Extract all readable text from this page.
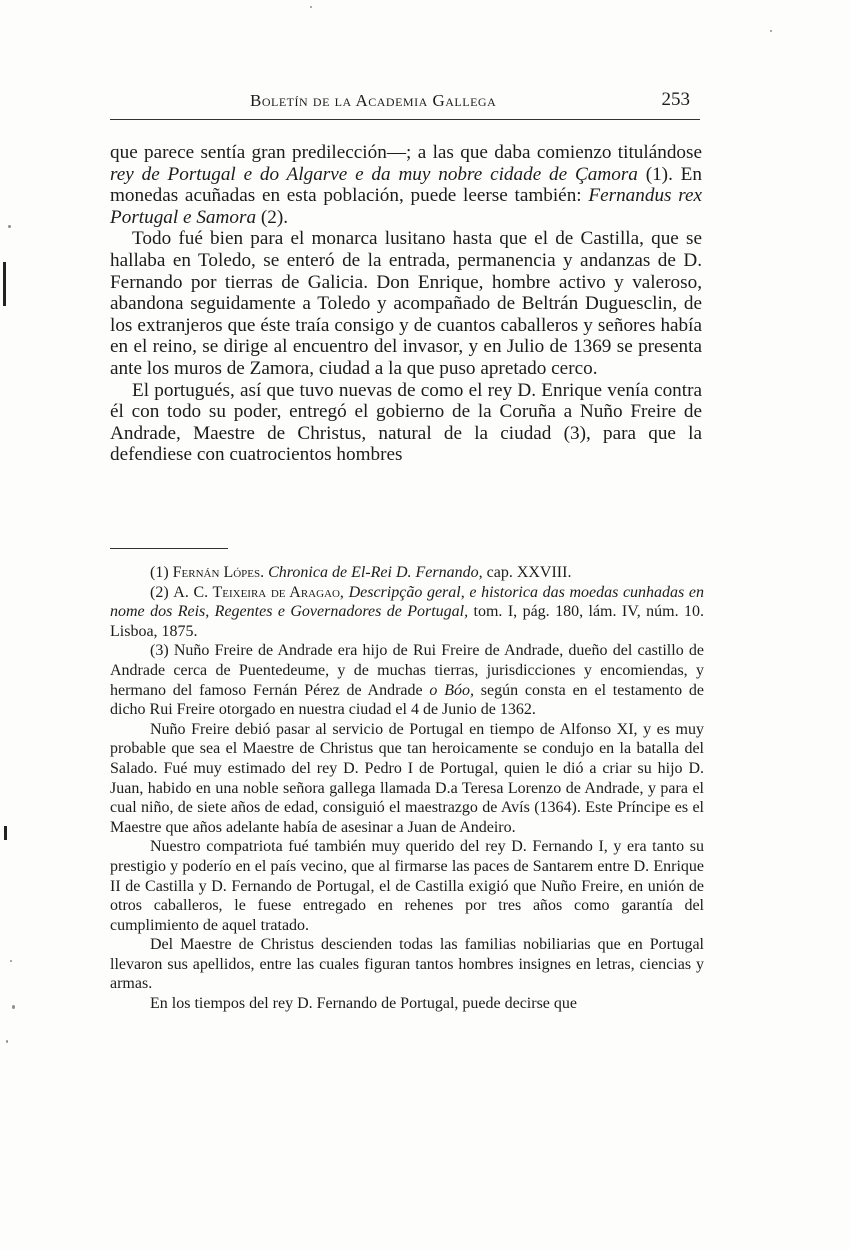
Boletín de la Academia Gallega	253

que parece sentía gran predilección—; a las que daba comienzo titulándose rey de Portugal e do Algarve e da muy nobre cidade de Çamora (1). En monedas acuñadas en esta población, puede leerse también: Fernandus rex Portugal e Samora (2).

Todo fué bien para el monarca lusitano hasta que el de Castilla, que se hallaba en Toledo, se enteró de la entrada, permanencia y andanzas de D. Fernando por tierras de Galicia. Don Enrique, hombre activo y valeroso, abandona seguidamente a Toledo y acompañado de Beltrán Duguesclin, de los extranjeros que éste traía consigo y de cuantos caballeros y señores había en el reino, se dirige al encuentro del invasor, y en Julio de 1369 se presenta ante los muros de Zamora, ciudad a la que puso apretado cerco.

El portugués, así que tuvo nuevas de como el rey D. Enrique venía contra él con todo su poder, entregó el gobierno de la Coruña a Nuño Freire de Andrade, Maestre de Christus, natural de la ciudad (3), para que la defendiese con cuatrocientos hombres

(1) Fernán Lópes. Chronica de El-Rei D. Fernando, cap. XXVIII.

(2) A. C. Teixeira de Aragao, Descripção geral, e historica das moedas cunhadas en nome dos Reis, Regentes e Governadores de Portugal, tom. I, pág. 180, lám. IV, núm. 10. Lisboa, 1875.

(3) Nuño Freire de Andrade era hijo de Rui Freire de Andrade, dueño del castillo de Andrade cerca de Puentedeume, y de muchas tierras, jurisdicciones y encomiendas, y hermano del famoso Fernán Pérez de Andrade o Bóo, según consta en el testamento de dicho Rui Freire otorgado en nuestra ciudad el 4 de Junio de 1362.

Nuño Freire debió pasar al servicio de Portugal en tiempo de Alfonso XI, y es muy probable que sea el Maestre de Christus que tan heroicamente se condujo en la batalla del Salado. Fué muy estimado del rey D. Pedro I de Portugal, quien le dió a criar su hijo D. Juan, habido en una noble señora gallega llamada D.a Teresa Lorenzo de Andrade, y para el cual niño, de siete años de edad, consiguió el maestrazgo de Avís (1364). Este Príncipe es el Maestre que años adelante había de asesinar a Juan de Andeiro.

Nuestro compatriota fué también muy querido del rey D. Fernando I, y era tanto su prestigio y poderío en el país vecino, que al firmarse las paces de Santarem entre D. Enrique II de Castilla y D. Fernando de Portugal, el de Castilla exigió que Nuño Freire, en unión de otros caballeros, le fuese entregado en rehenes por tres años como garantía del cumplimiento de aquel tratado.

Del Maestre de Christus descienden todas las familias nobiliarias que en Portugal llevaron sus apellidos, entre las cuales figuran tantos hombres insignes en letras, ciencias y armas.

En los tiempos del rey D. Fernando de Portugal, puede decirse que
